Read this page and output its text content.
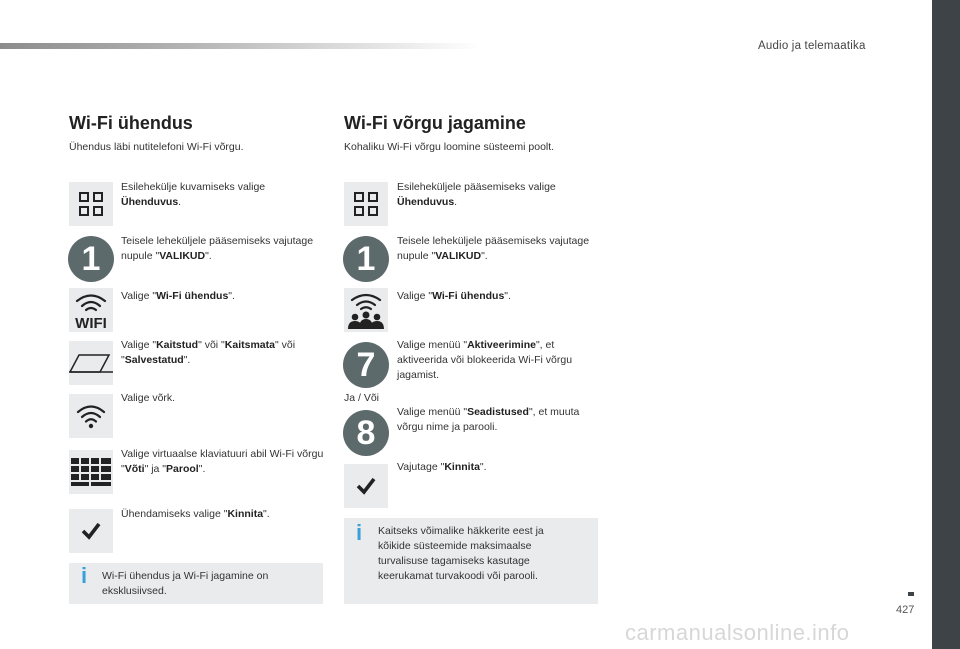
Audio ja telemaatika
Wi-Fi ühendus
Ühendus läbi nutitelefoni Wi-Fi võrgu.
Esilehekülje kuvamiseks valige Ühenduvus.
1	Teisele leheküljele pääsemiseks vajutage nupule "VALIKUD".
WIFI
Valige "Wi-Fi ühendus".
Valige "Kaitstud" või "Kaitsmata" või "Salvestatud".
Valige võrk.
Valige virtuaalse klaviatuuri abil Wi-Fi võrgu "Võti" ja "Parool".
Ühendamiseks valige "Kinnita".
i Wi-Fi ühendus ja Wi-Fi jagamine on eksklusiivsed.
Wi-Fi võrgu jagamine
Kohaliku Wi-Fi võrgu loomine süsteemi poolt.
Esileheküljele pääsemiseks valige Ühenduvus.
1	Teisele leheküljele pääsemiseks vajutage nupule "VALIKUD".
Valige "Wi-Fi ühendus".
7
Valige menüü "Aktiveerimine", et aktiveerida või blokeerida Wi-Fi võrgu jagamist.
Ja / Või
8
Valige menüü "Seadistused", et muuta võrgu nime ja parooli.
Vajutage "Kinnita".
i Kaitseks võimalike häkkerite eest ja kõikide süsteemide maksimaalse turvalisuse tagamiseks kasutage keerukamat turvakoodi või parooli.
427
carmanualsonline.info
